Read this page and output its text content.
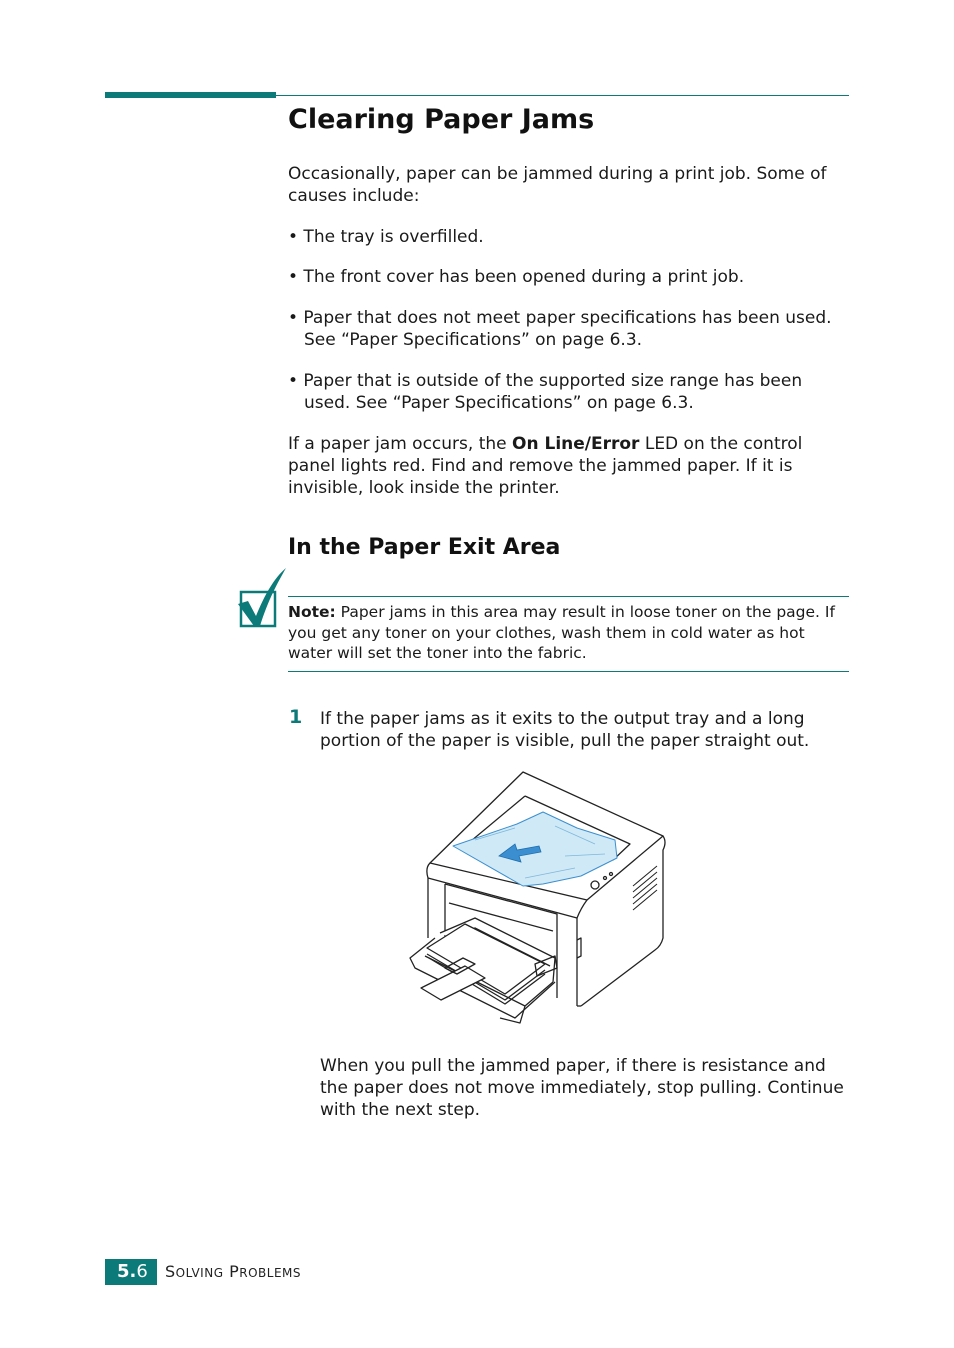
Clearing Paper Jams

Occasionally, paper can be jammed during a print job. Some of causes include:

• The tray is overfilled.

• The front cover has been opened during a print job.

• Paper that does not meet paper specifications has been used. See “Paper Specifications” on page 6.3.

• Paper that is outside of the supported size range has been used. See “Paper Specifications” on page 6.3.

If a paper jam occurs, the On Line/Error LED on the control panel lights red. Find and remove the jammed paper. If it is invisible, look inside the printer.

In the Paper Exit Area

Note: Paper jams in this area may result in loose toner on the page. If you get any toner on your clothes, wash them in cold water as hot water will set the toner into the fabric.

1 If the paper jams as it exits to the output tray and a long portion of the paper is visible, pull the paper straight out.

When you pull the jammed paper, if there is resistance and the paper does not move immediately, stop pulling. Continue with the next step.

5.6	SOLVING PROBLEMS
